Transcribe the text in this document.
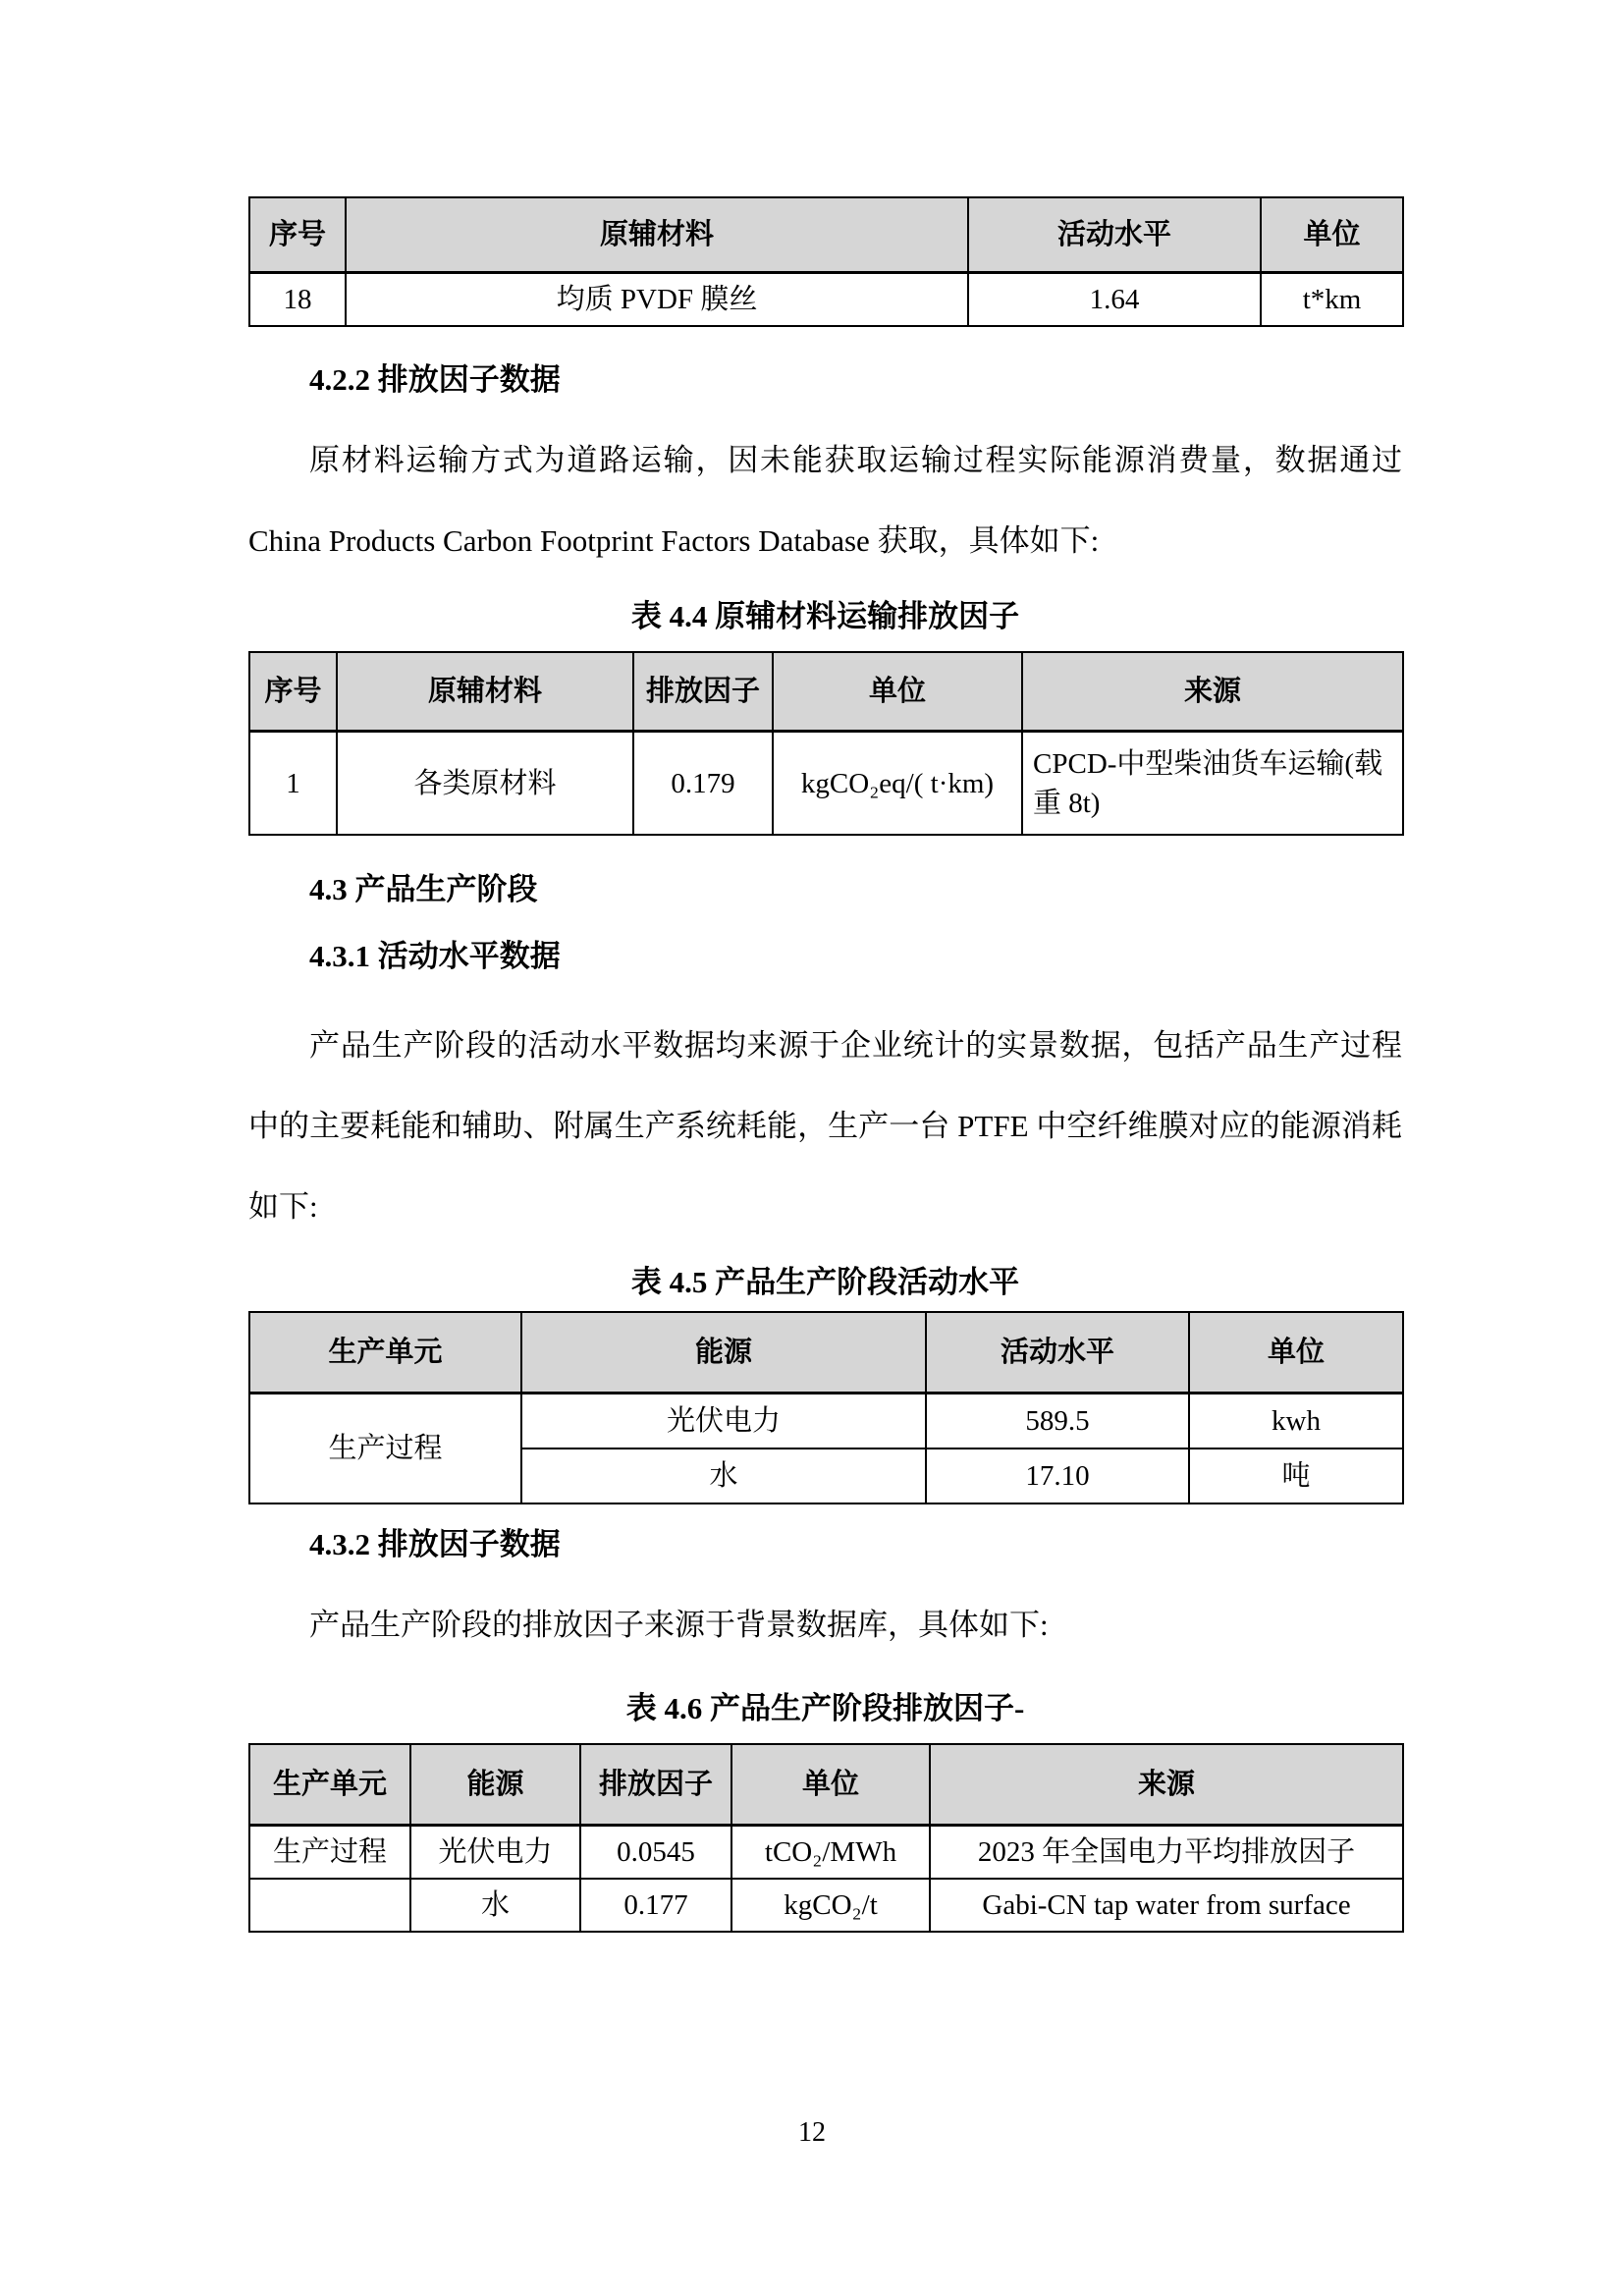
序号	原辅材料	活动水平	单位
18	均质 PVDF 膜丝	1.64	t*km
4.2.2 排放因子数据
原材料运输方式为道路运输，因未能获取运输过程实际能源消费量，数据通过 China Products Carbon Footprint Factors Database 获取，具体如下:
表 4.4 原辅材料运输排放因子
序号	原辅材料	排放因子	单位	来源
1	各类原材料	0.179	kgCO₂eq/( t·km)	CPCD-中型柴油货车运输(载重 8t)
4.3 产品生产阶段
4.3.1 活动水平数据
产品生产阶段的活动水平数据均来源于企业统计的实景数据，包括产品生产过程中的主要耗能和辅助、附属生产系统耗能，生产一台 PTFE 中空纤维膜对应的能源消耗如下:
表 4.5 产品生产阶段活动水平
生产单元	能源	活动水平	单位
生产过程	光伏电力	589.5	kwh
	水	17.10	吨
4.3.2 排放因子数据
产品生产阶段的排放因子来源于背景数据库，具体如下:
表 4.6 产品生产阶段排放因子-
生产单元	能源	排放因子	单位	来源
生产过程	光伏电力	0.0545	tCO₂/MWh	2023 年全国电力平均排放因子
	水	0.177	kgCO₂/t	Gabi-CN tap water from surface
12
